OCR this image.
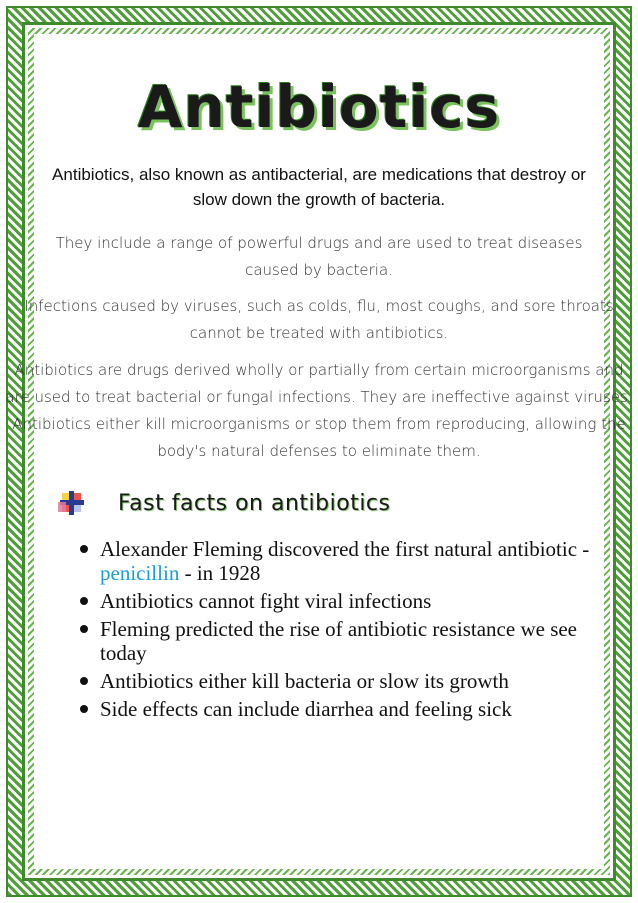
Antibiotics

Antibiotics, also known as antibacterial, are medications that destroy or slow down the growth of bacteria.

They include a range of powerful drugs and are used to treat diseases caused by bacteria.

Infections caused by viruses, such as colds, flu, most coughs, and sore throats cannot be treated with antibiotics.

Antibiotics are drugs derived wholly or partially from certain microorganisms and are used to treat bacterial or fungal infections. They are ineffective against viruses. Antibiotics either kill microorganisms or stop them from reproducing, allowing the body's natural defenses to eliminate them.

Fast facts on antibiotics
Alexander Fleming discovered the first natural antibiotic - penicillin - in 1928
Antibiotics cannot fight viral infections
Fleming predicted the rise of antibiotic resistance we see today
Antibiotics either kill bacteria or slow its growth
Side effects can include diarrhea and feeling sick
